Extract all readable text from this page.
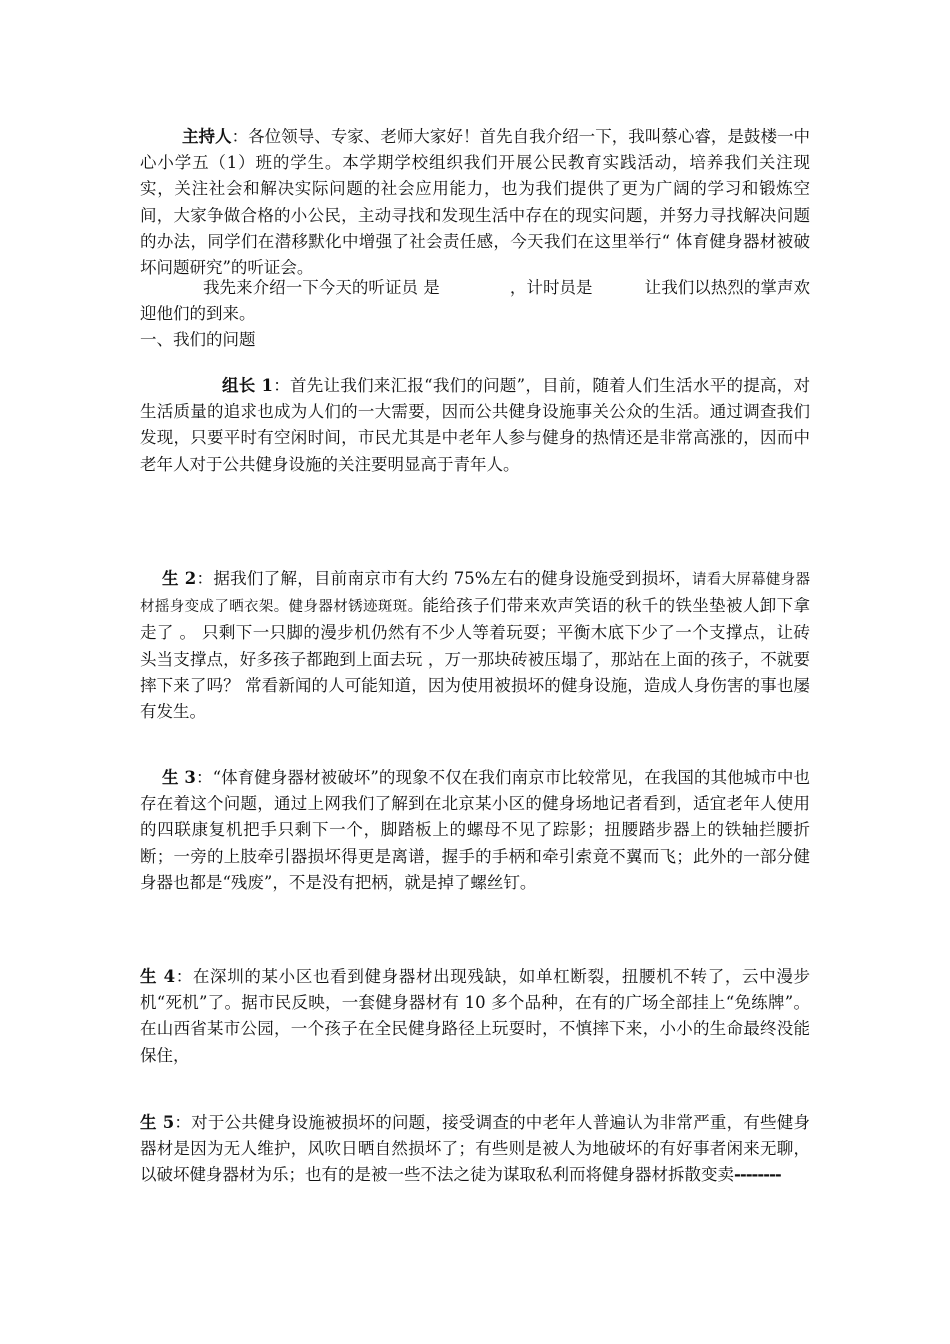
主持人：各位领导、专家、老师大家好！首先自我介绍一下，我叫蔡心睿，是鼓楼一中心小学五（1）班的学生。本学期学校组织我们开展公民教育实践活动，培养我们关注现实，关注社会和解决实际问题的社会应用能力，也为我们提供了更为广阔的学习和锻炼空间，大家争做合格的小公民，主动寻找和发现生活中存在的现实问题，并努力寻找解决问题的办法，同学们在潜移默化中增强了社会责任感，今天我们在这里举行“ 体育健身器材被破坏问题研究”的听证会。

我先来介绍一下今天的听证员 是	，计时员是	让我们以热烈的掌声欢迎他们的到来。

一、我们的问题

组长 1：首先让我们来汇报“我们的问题”，目前，随着人们生活水平的提高，对生活质量的追求也成为人们的一大需要，因而公共健身设施事关公众的生活。通过调查我们发现，只要平时有空闲时间，市民尤其是中老年人参与健身的热情还是非常高涨的，因而中老年人对于公共健身设施的关注要明显高于青年人。

生 2：据我们了解，目前南京市有大约 75%左右的健身设施受到损坏，请看大屏幕健身器材摇身变成了晒衣架。健身器材锈迹斑斑。能给孩子们带来欢声笑语的秋千的铁坐垫被人卸下拿走了 。 只剩下一只脚的漫步机仍然有不少人等着玩耍；平衡木底下少了一个支撑点，让砖头当支撑点，好多孩子都跑到上面去玩 ，万一那块砖被压塌了，那站在上面的孩子，不就要摔下来了吗？ 常看新闻的人可能知道，因为使用被损坏的健身设施，造成人身伤害的事也屡有发生。

生 3：“体育健身器材被破坏”的现象不仅在我们南京市比较常见，在我国的其他城市中也存在着这个问题，通过上网我们了解到在北京某小区的健身场地记者看到，适宜老年人使用的四联康复机把手只剩下一个，脚踏板上的螺母不见了踪影；扭腰踏步器上的铁轴拦腰折断；一旁的上肢牵引器损坏得更是离谱，握手的手柄和牵引索竟不翼而飞；此外的一部分健身器也都是“残废”，不是没有把柄，就是掉了螺丝钉。

生 4：在深圳的某小区也看到健身器材出现残缺，如单杠断裂，扭腰机不转了，云中漫步机“死机”了。据市民反映，一套健身器材有 10 多个品种，在有的广场全部挂上“免练牌”。 在山西省某市公园，一个孩子在全民健身路径上玩耍时，不慎摔下来，小小的生命最终没能保住，

生 5：对于公共健身设施被损坏的问题，接受调查的中老年人普遍认为非常严重，有些健身器材是因为无人维护，风吹日晒自然损坏了；有些则是被人为地破坏的有好事者闲来无聊，以破坏健身器材为乐；也有的是被一些不法之徒为谋取私利而将健身器材拆散变卖--------
